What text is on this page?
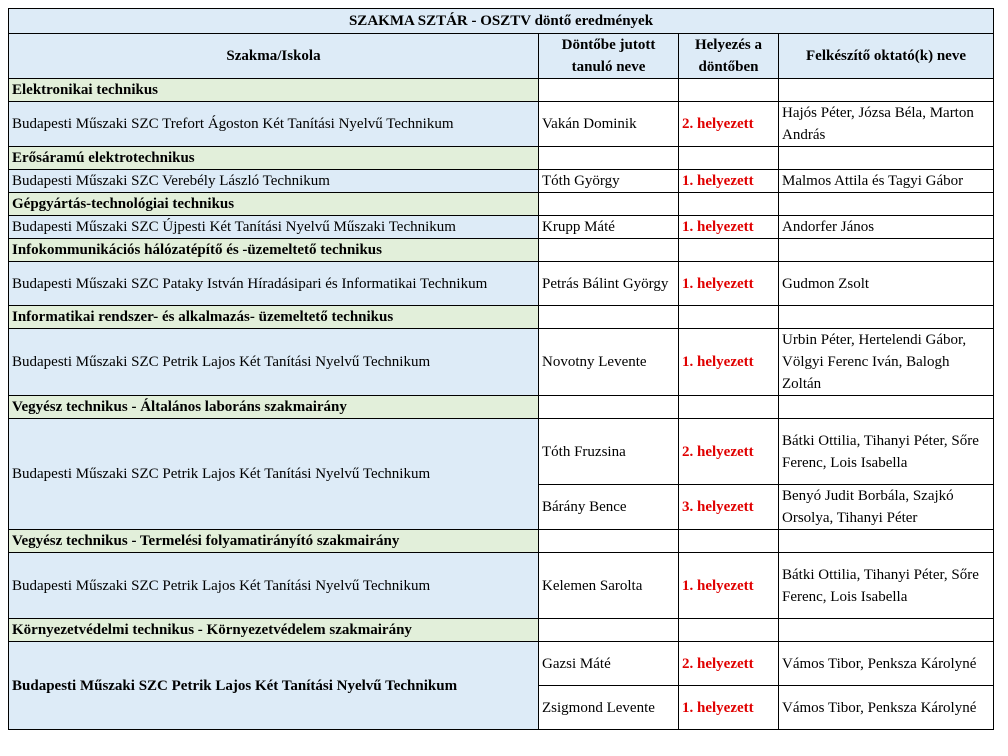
SZAKMA SZTÁR - OSZTV döntő eredmények			
Szakma/Iskola	Döntőbe jutott tanuló neve	Helyezés a döntőben	Felkészítő oktató(k) neve
Elektronikai technikus			
Budapesti Műszaki SZC Trefort Ágoston Két Tanítási Nyelvű Technikum	Vakán Dominik	2. helyezett	Hajós Péter, Józsa Béla, Marton András
Erősáramú elektrotechnikus			
Budapesti Műszaki SZC Verebély László Technikum	Tóth György	1. helyezett	Malmos Attila és Tagyi Gábor
Gépgyártás-technológiai technikus			
Budapesti Műszaki SZC Újpesti Két Tanítási Nyelvű Műszaki Technikum	Krupp Máté	1. helyezett	Andorfer János
Infokommunikációs hálózatépítő és -üzemeltető technikus			
Budapesti Műszaki SZC Pataky István Híradásipari és Informatikai Technikum	Petrás Bálint György	1. helyezett	Gudmon Zsolt
Informatikai rendszer- és alkalmazás- üzemeltető technikus			
Budapesti Műszaki SZC Petrik Lajos Két Tanítási Nyelvű Technikum	Novotny Levente	1. helyezett	Urbin Péter, Hertelendi Gábor, Völgyi Ferenc Iván, Balogh Zoltán
Vegyész technikus - Általános laboráns szakmairány			
Budapesti Műszaki SZC Petrik Lajos Két Tanítási Nyelvű Technikum	Tóth Fruzsina	2. helyezett	Bátki Ottilia, Tihanyi Péter, Sőre Ferenc, Lois Isabella
	Bárány Bence	3. helyezett	Benyó Judit Borbála, Szajkó Orsolya, Tihanyi Péter
Vegyész technikus - Termelési folyamatirányító szakmairány			
Budapesti Műszaki SZC Petrik Lajos Két Tanítási Nyelvű Technikum	Kelemen Sarolta	1. helyezett	Bátki Ottilia, Tihanyi Péter, Sőre Ferenc, Lois Isabella
Környezetvédelmi technikus - Környezetvédelem szakmairány			
Budapesti Műszaki SZC Petrik Lajos Két Tanítási Nyelvű Technikum	Gazsi Máté	2. helyezett	Vámos Tibor, Penksza Károlyné
	Zsigmond Levente	1. helyezett	Vámos Tibor, Penksza Károlyné
